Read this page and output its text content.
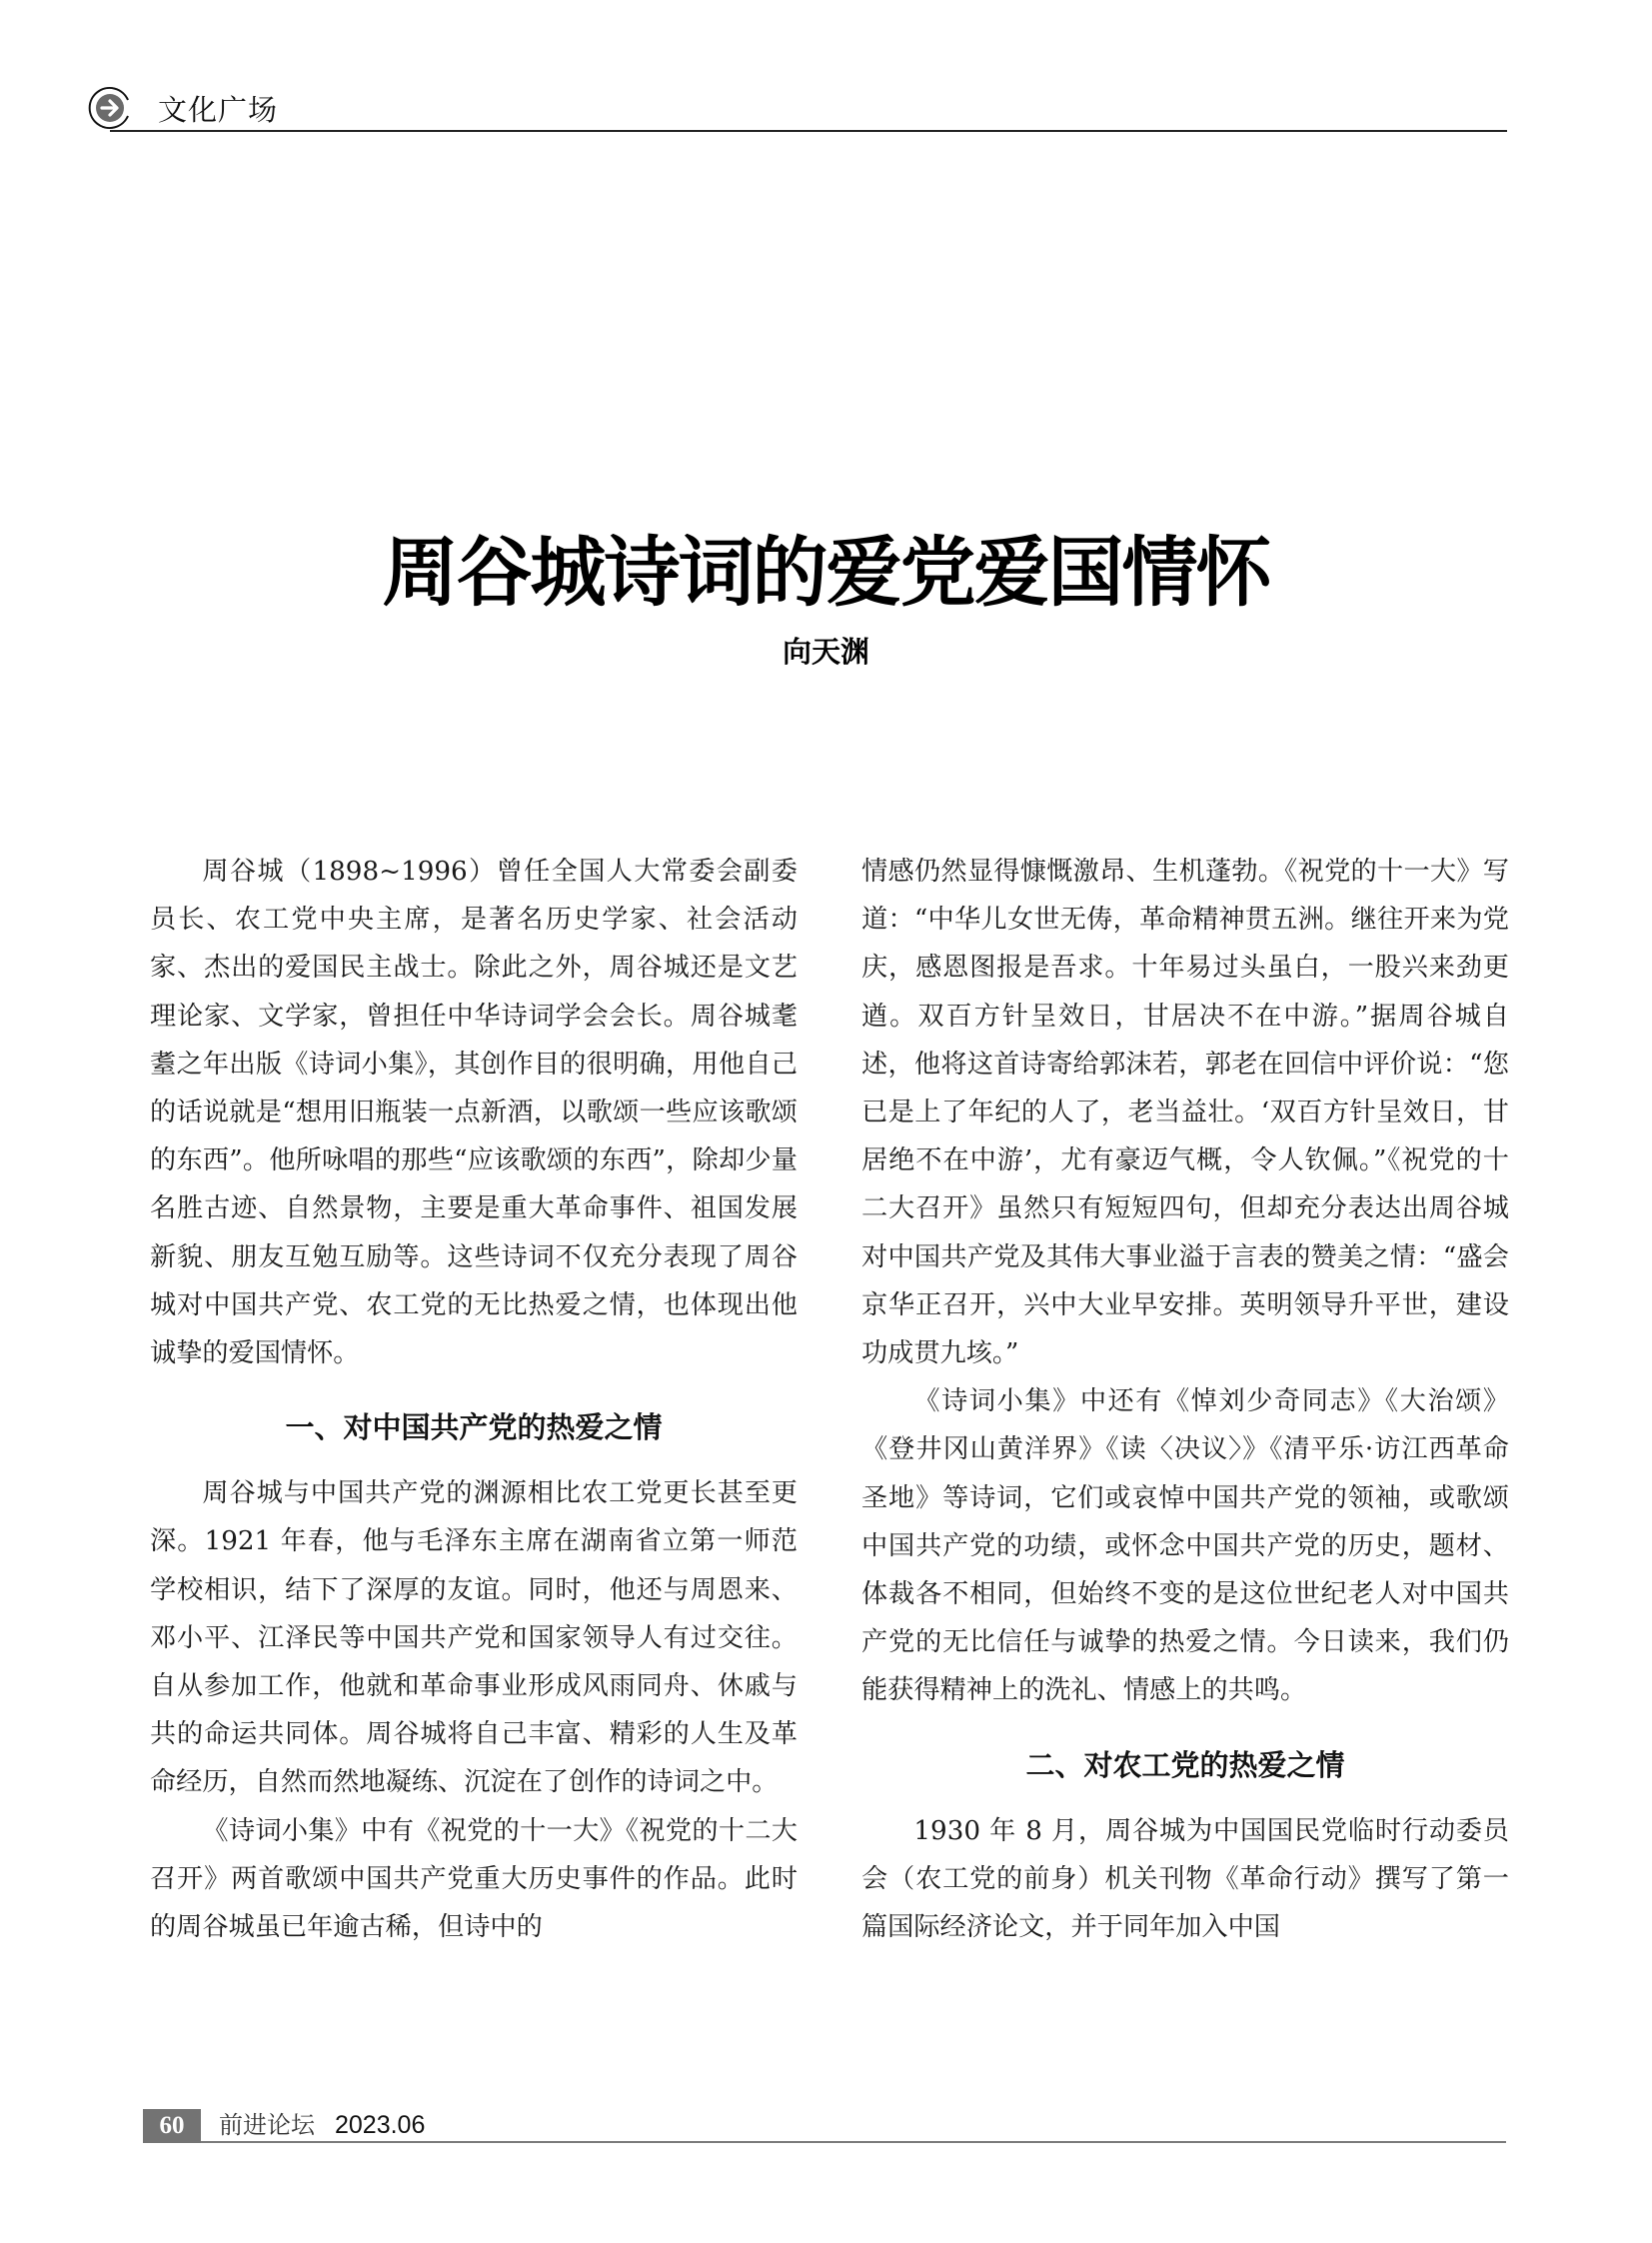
文化广场
周谷城诗词的爱党爱国情怀
向天渊

周谷城（1898~1996）曾任全国人大常委会副委员长、农工党中央主席，是著名历史学家、社会活动家、杰出的爱国民主战士。除此之外，周谷城还是文艺理论家、文学家，曾担任中华诗词学会会长。周谷城耄耋之年出版《诗词小集》，其创作目的很明确，用他自己的话说就是“想用旧瓶装一点新酒，以歌颂一些应该歌颂的东西”。他所咏唱的那些“应该歌颂的东西”，除却少量名胜古迹、自然景物，主要是重大革命事件、祖国发展新貌、朋友互勉互励等。这些诗词不仅充分表现了周谷城对中国共产党、农工党的无比热爱之情，也体现出他诚挚的爱国情怀。

一、对中国共产党的热爱之情

周谷城与中国共产党的渊源相比农工党更长甚至更深。1921 年春，他与毛泽东主席在湖南省立第一师范学校相识，结下了深厚的友谊。同时，他还与周恩来、邓小平、江泽民等中国共产党和国家领导人有过交往。自从参加工作，他就和革命事业形成风雨同舟、休戚与共的命运共同体。周谷城将自己丰富、精彩的人生及革命经历，自然而然地凝练、沉淀在了创作的诗词之中。

《诗词小集》中有《祝党的十一大》《祝党的十二大召开》两首歌颂中国共产党重大历史事件的作品。此时的周谷城虽已年逾古稀，但诗中的

情感仍然显得慷慨激昂、生机蓬勃。《祝党的十一大》写道：“中华儿女世无俦，革命精神贯五洲。继往开来为党庆，感恩图报是吾求。十年易过头虽白，一股兴来劲更遒。双百方针呈效日，甘居决不在中游。”据周谷城自述，他将这首诗寄给郭沫若，郭老在回信中评价说：“您已是上了年纪的人了，老当益壮。‘双百方针呈效日，甘居绝不在中游’，尤有豪迈气概，令人钦佩。”《祝党的十二大召开》虽然只有短短四句，但却充分表达出周谷城对中国共产党及其伟大事业溢于言表的赞美之情：“盛会京华正召开，兴中大业早安排。英明领导升平世，建设功成贯九垓。”

《诗词小集》中还有《悼刘少奇同志》《大治颂》《登井冈山黄洋界》《读〈决议〉》《清平乐·访江西革命圣地》等诗词，它们或哀悼中国共产党的领袖，或歌颂中国共产党的功绩，或怀念中国共产党的历史，题材、体裁各不相同，但始终不变的是这位世纪老人对中国共产党的无比信任与诚挚的热爱之情。今日读来，我们仍能获得精神上的洗礼、情感上的共鸣。

二、对农工党的热爱之情

1930 年 8 月，周谷城为中国国民党临时行动委员会（农工党的前身）机关刊物《革命行动》撰写了第一篇国际经济论文，并于同年加入中国

60	前进论坛 2023.06
